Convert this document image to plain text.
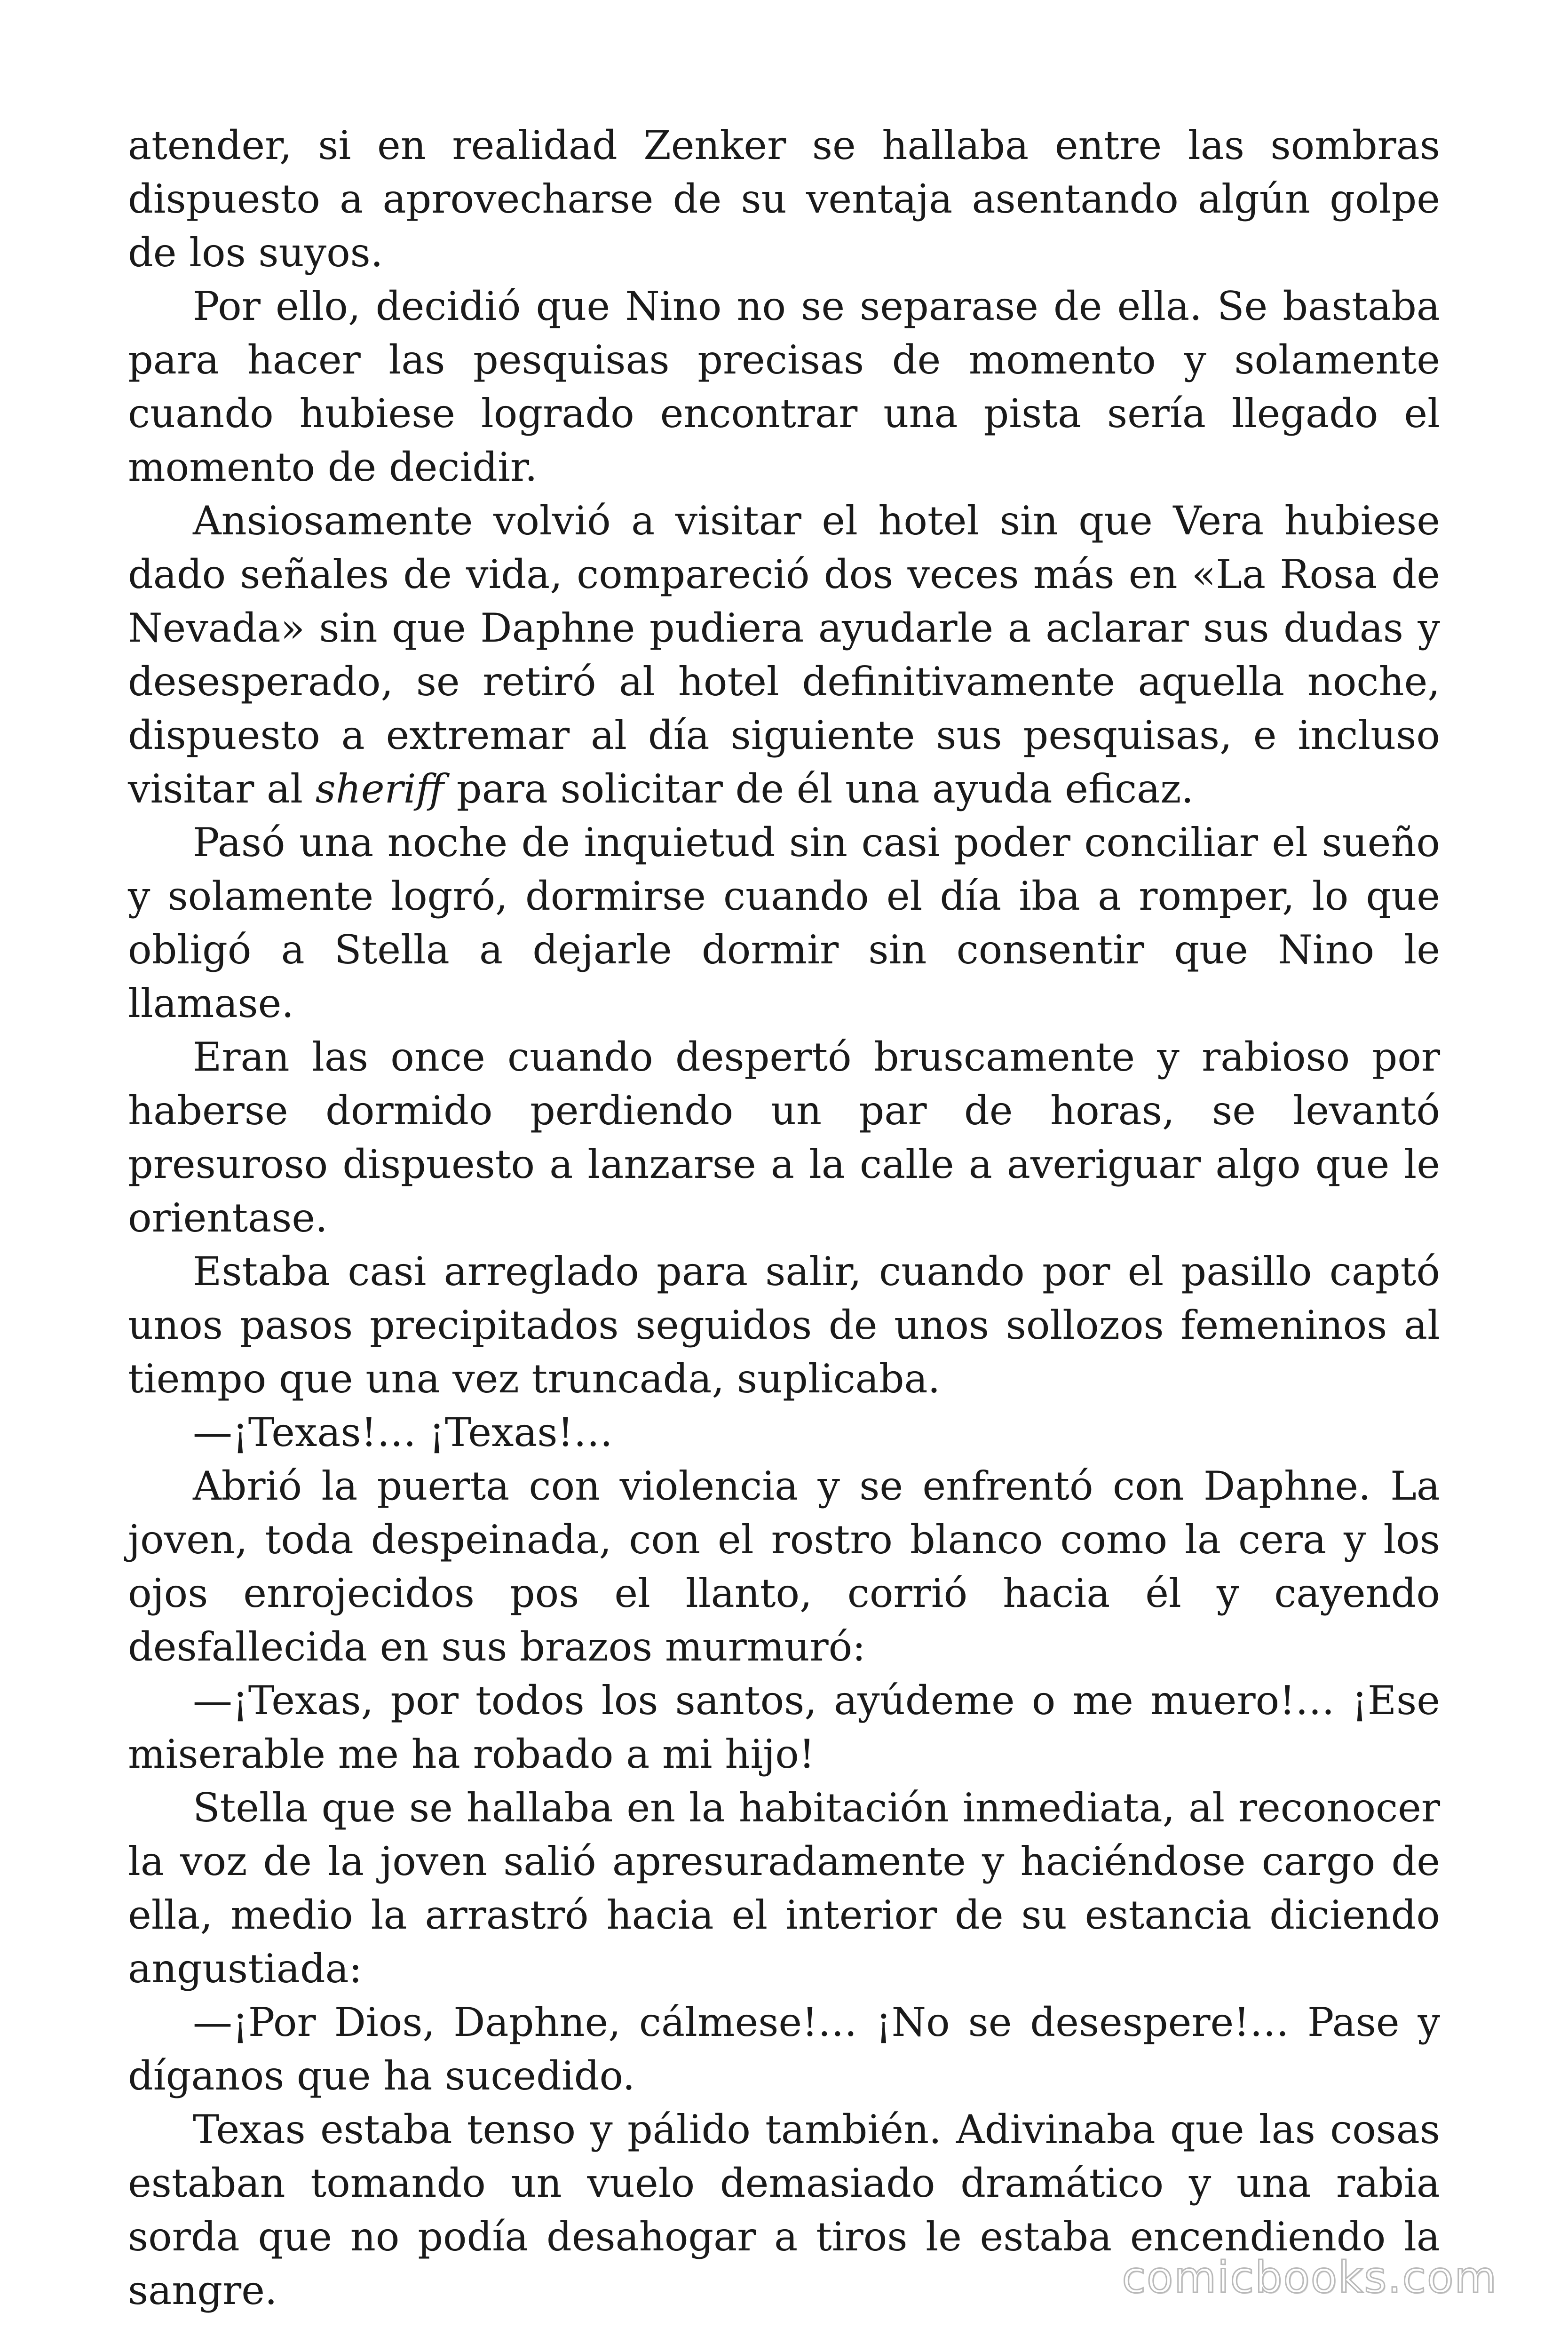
atender, si en realidad Zenker se hallaba entre las sombras dispuesto a aprovecharse de su ventaja asentando algún golpe de los suyos.

Por ello, decidió que Nino no se separase de ella. Se bastaba para hacer las pesquisas precisas de momento y solamente cuando hubiese logrado encontrar una pista sería llegado el momento de decidir.

Ansiosamente volvió a visitar el hotel sin que Vera hubiese dado señales de vida, compareció dos veces más en «La Rosa de Nevada» sin que Daphne pudiera ayudarle a aclarar sus dudas y desesperado, se retiró al hotel definitivamente aquella noche, dispuesto a extremar al día siguiente sus pesquisas, e incluso visitar al sheriff para solicitar de él una ayuda eficaz.

Pasó una noche de inquietud sin casi poder conciliar el sueño y solamente logró, dormirse cuando el día iba a romper, lo que obligó a Stella a dejarle dormir sin consentir que Nino le llamase.

Eran las once cuando despertó bruscamente y rabioso por haberse dormido perdiendo un par de horas, se levantó presuroso dispuesto a lanzarse a la calle a averiguar algo que le orientase.

Estaba casi arreglado para salir, cuando por el pasillo captó unos pasos precipitados seguidos de unos sollozos femeninos al tiempo que una vez truncada, suplicaba.

—¡Texas!… ¡Texas!…

Abrió la puerta con violencia y se enfrentó con Daphne. La joven, toda despeinada, con el rostro blanco como la cera y los ojos enrojecidos pos el llanto, corrió hacia él y cayendo desfallecida en sus brazos murmuró:

—¡Texas, por todos los santos, ayúdeme o me muero!… ¡Ese miserable me ha robado a mi hijo!

Stella que se hallaba en la habitación inmediata, al reconocer la voz de la joven salió apresuradamente y haciéndose cargo de ella, medio la arrastró hacia el interior de su estancia diciendo angustiada:

—¡Por Dios, Daphne, cálmese!… ¡No se desespere!… Pase y díganos que ha sucedido.

Texas estaba tenso y pálido también. Adivinaba que las cosas estaban tomando un vuelo demasiado dramático y una rabia sorda que no podía desahogar a tiros le estaba encendiendo la sangre.	comicbooks.com
